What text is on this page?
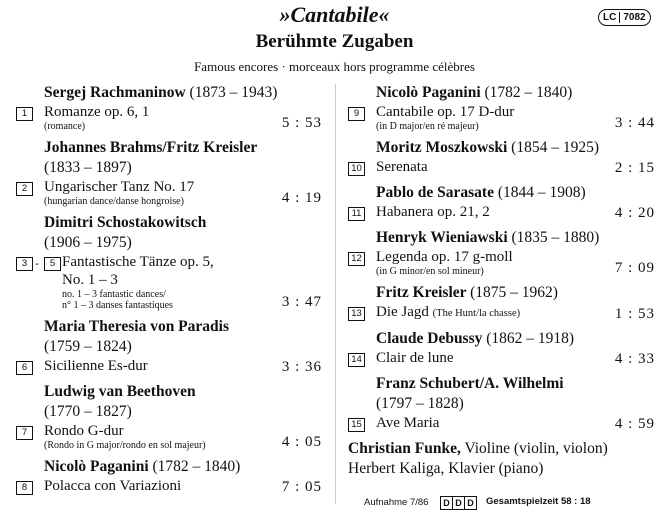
»Cantabile«
Berühmte Zugaben
Famous encores · morceaux hors programme célèbres
LC 7082
Sergej Rachmaninow (1873 – 1943)
1	Romanze op. 6, 1
(romance)	5 : 53
Johannes Brahms/Fritz Kreisler
(1833 – 1897)
2	Ungarischer Tanz No. 17
(hungarian dance/danse hongroise)	4 : 19
Dimitri Schostakowitsch
(1906 – 1975)
3 -	5 Fantastische Tänze op. 5,
No. 1 – 3
no. 1 – 3 fantastic dances/
n° 1 – 3 danses fantastiques	3 : 47
Maria Theresia von Paradis
(1759 – 1824)
6	Sicilienne Es-dur	3 : 36
Ludwig van Beethoven
(1770 – 1827)
7	Rondo G-dur
(Rondo in G major/rondo en sol majeur)	4 : 05
Nicolò Paganini (1782 – 1840)
8	Polacca con Variazioni	7 : 05
Nicolò Paganini (1782 – 1840)
9	Cantabile op. 17 D-dur
(in D major/en ré majeur)	3 : 44
Moritz Moszkowski (1854 – 1925)
10 Serenata	2 : 15
Pablo de Sarasate (1844 – 1908)
11 Habanera op. 21, 2	4 : 20
Henryk Wieniawski (1835 – 1880)
12 Legenda op. 17 g-moll
(in G minor/en sol mineur)	7 : 09
Fritz Kreisler (1875 – 1962)
13 Die Jagd (The Hunt/la chasse)	1 : 53
Claude Debussy (1862 – 1918)
14 Clair de lune	4 : 33
Franz Schubert/A. Wilhelmi
(1797 – 1828)
15 Ave Maria	4 : 59
Christian Funke, Violine (violin, violon)
Herbert Kaliga, Klavier (piano)
Aufnahme 7/86	D D D	Gesamtspielzeit 58 : 18
